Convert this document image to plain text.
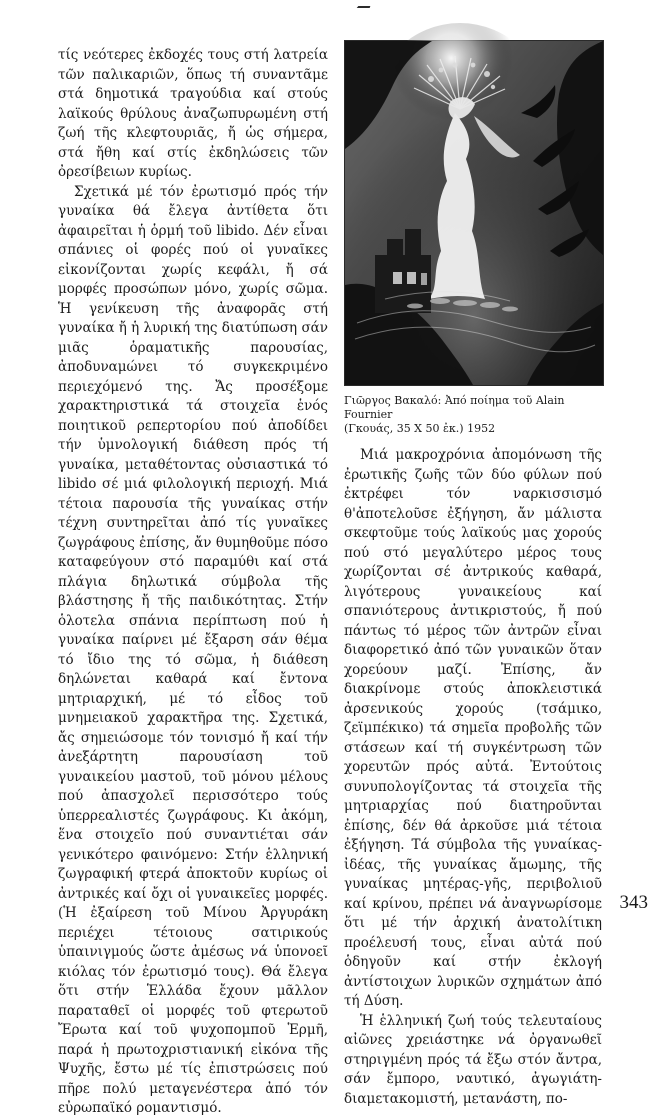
τίς νεότερες ἐκδοχές τους στή λατρεία τῶν παλικαριῶν, ὅπως τή συναντᾶμε στά δημοτικά τραγούδια καί στούς λαϊκούς θρύλους ἀναζωπυρωμένη στή ζωή τῆς κλεφτουριᾶς, ἤ ὡς σήμερα, στά ἤθη καί στίς ἐκδηλώσεις τῶν ὀρεσίβειων κυρίως.

Σχετικά μέ τόν ἐρωτισμό πρός τήν γυναίκα θά ἔλεγα ἀντίθετα ὅτι ἀφαιρεῖται ἡ ὁρμή τοῦ libido. Δέν εἶναι σπάνιες οἱ φορές πού οἱ γυναῖκες εἰκονίζονται χωρίς κεφάλι, ἤ σά μορφές προσώπων μόνο, χωρίς σῶμα. Ἡ γενίκευση τῆς ἀναφορᾶς στή γυναίκα ἤ ἡ λυρική της διατύπωση σάν μιᾶς ὁραματικῆς παρουσίας, ἀποδυναμώνει τό συγκεκριμένο περιεχόμενό της. Ἄς προσέξομε χαρακτηριστικά τά στοιχεῖα ἑνός ποιητικοῦ ρεπερτορίου πού ἀποδίδει τήν ὑμνολογική διάθεση πρός τή γυναίκα, μεταθέτοντας οὐσιαστικά τό libido σέ μιά φιλολογική περιοχή. Μιά τέτοια παρουσία τῆς γυναίκας στήν τέχνη συντηρεῖται ἀπό τίς γυναῖκες ζωγράφους ἐπίσης, ἄν θυμηθοῦμε πόσο καταφεύγουν στό παραμύθι καί στά πλάγια δηλωτικά σύμβολα τῆς βλάστησης ἤ τῆς παιδικότητας. Στήν ὁλοτελα σπάνια περίπτωση πού ἡ γυναίκα παίρνει μέ ἔξαρση σάν θέμα τό ἴδιο της τό σῶμα, ἡ διάθεση δηλώνεται καθαρά καί ἔντονα μητριαρχική, μέ τό εἶδος τοῦ μνημειακοῦ χαρακτῆρα της. Σχετικά, ἄς σημειώσομε τόν τονισμό ἤ καί τήν ἀνεξάρτητη παρουσίαση τοῦ γυναικείου μαστοῦ, τοῦ μόνου μέλους πού ἀπασχολεῖ περισσότερο τούς ὑπερρεαλιστές ζωγράφους. Κι ἀκόμη, ἕνα στοιχεῖο πού συναντιέται σάν γενικότερο φαινόμενο: Στήν ἑλληνική ζωγραφική φτερά ἀποκτοῦν κυρίως οἱ ἀντρικές καί ὄχι οἱ γυναικεῖες μορφές. (Ἡ ἐξαίρεση τοῦ Μίνου Ἀργυράκη περιέχει τέτοιους σατιρικούς ὑπαινιγμούς ὥστε ἀμέσως νά ὑπονοεῖ κιόλας τόν ἐρωτισμό τους). Θά ἔλεγα ὅτι στήν Ἑλλάδα ἔχουν μᾶλλον παραταθεῖ οἱ μορφές τοῦ φτερωτοῦ Ἔρωτα καί τοῦ ψυχοπομποῦ Ἑρμῆ, παρά ἡ πρωτοχριστιανική εἰκόνα τῆς Ψυχῆς, ἔστω μέ τίς ἐπιστρώσεις πού πῆρε πολύ μεταγενέστερα ἀπό τόν εὐρωπαϊκό ρομαντισμό.

Γιῶργος Βακαλό: Ἀπό ποίημα τοῦ Alain Fournier
(Γκουάς, 35 Χ 50 ἐκ.) 1952

Μιά μακροχρόνια ἀπομόνωση τῆς ἐρωτικῆς ζωῆς τῶν δύο φύλων πού ἐκτρέφει τόν ναρκισσισμό θ'ἀποτελοῦσε ἐξήγηση, ἄν μάλιστα σκεφτοῦμε τούς λαϊκούς μας χορούς πού στό μεγαλύτερο μέρος τους χωρίζονται σέ ἀντρικούς καθαρά, λιγότερους γυναικείους καί σπανιότερους ἀντικριστούς, ἤ πού πάντως τό μέρος τῶν ἀντρῶν εἶναι διαφορετικό ἀπό τῶν γυναικῶν ὅταν χορεύουν μαζί. Ἐπίσης, ἄν διακρίνομε στούς ἀποκλειστικά ἀρσενικούς χορούς (τσάμικο, ζεϊμπέκικο) τά σημεῖα προβολῆς τῶν στάσεων καί τή συγκέντρωση τῶν χορευτῶν πρός αὐτά. Ἐντούτοις συνυπολογίζοντας τά στοιχεῖα τῆς μητριαρχίας πού διατηροῦνται ἐπίσης, δέν θά ἀρκοῦσε μιά τέτοια ἐξήγηση. Τά σύμβολα τῆς γυναίκας-ἰδέας, τῆς γυναίκας ἄμωμης, τῆς γυναίκας μητέρας-γῆς, περιβολιοῦ καί κρίνου, πρέπει νά ἀναγνωρίσομε ὅτι μέ τήν ἀρχική ἀνατολίτικη προέλευσή τους, εἶναι αὐτά πού ὁδηγοῦν καί στήν ἐκλογή ἀντίστοιχων λυρικῶν σχημάτων ἀπό τή Δύση.

Ἡ ἑλληνική ζωή τούς τελευταίους αἰῶνες χρειάστηκε νά ὀργανωθεῖ στηριγμένη πρός τά ἔξω στόν ἄντρα, σάν ἔμπορο, ναυτικό, ἀγωγιάτη-διαμετακομιστή, μετανάστη, πο-

343
